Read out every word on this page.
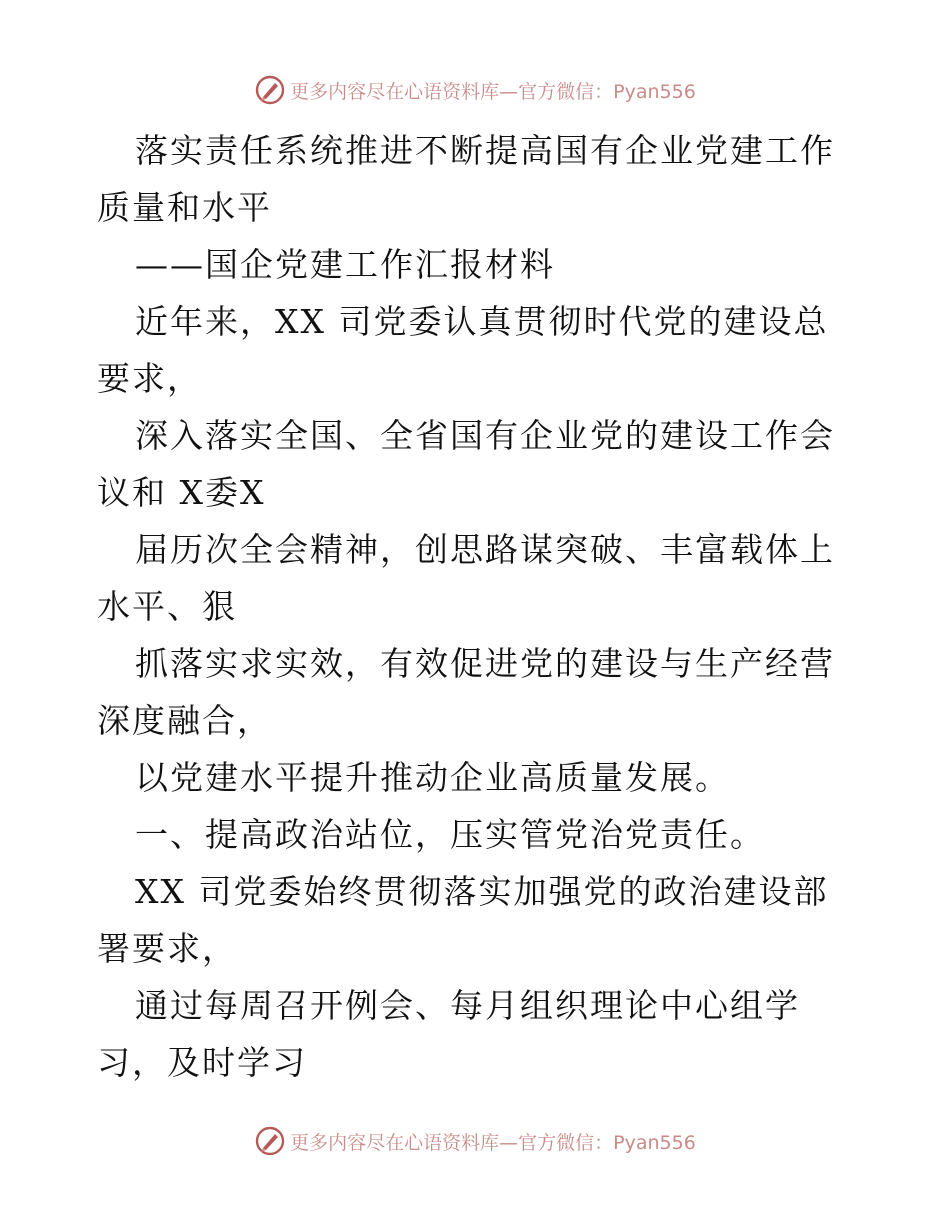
更多内容尽在心语资料库—官方微信：Pyan556

落实责任系统推进不断提高国有企业党建工作质量和水平

——国企党建工作汇报材料

近年来，XX 司党委认真贯彻时代党的建设总要求，

深入落实全国、全省国有企业党的建设工作会议和 X委X

届历次全会精神，创思路谋突破、丰富载体上水平、狠

抓落实求实效，有效促进党的建设与生产经营深度融合，

以党建水平提升推动企业高质量发展。

一、提高政治站位，压实管党治党责任。

XX 司党委始终贯彻落实加强党的政治建设部署要求，

通过每周召开例会、每月组织理论中心组学习，及时学习

更多内容尽在心语资料库—官方微信：Pyan556
